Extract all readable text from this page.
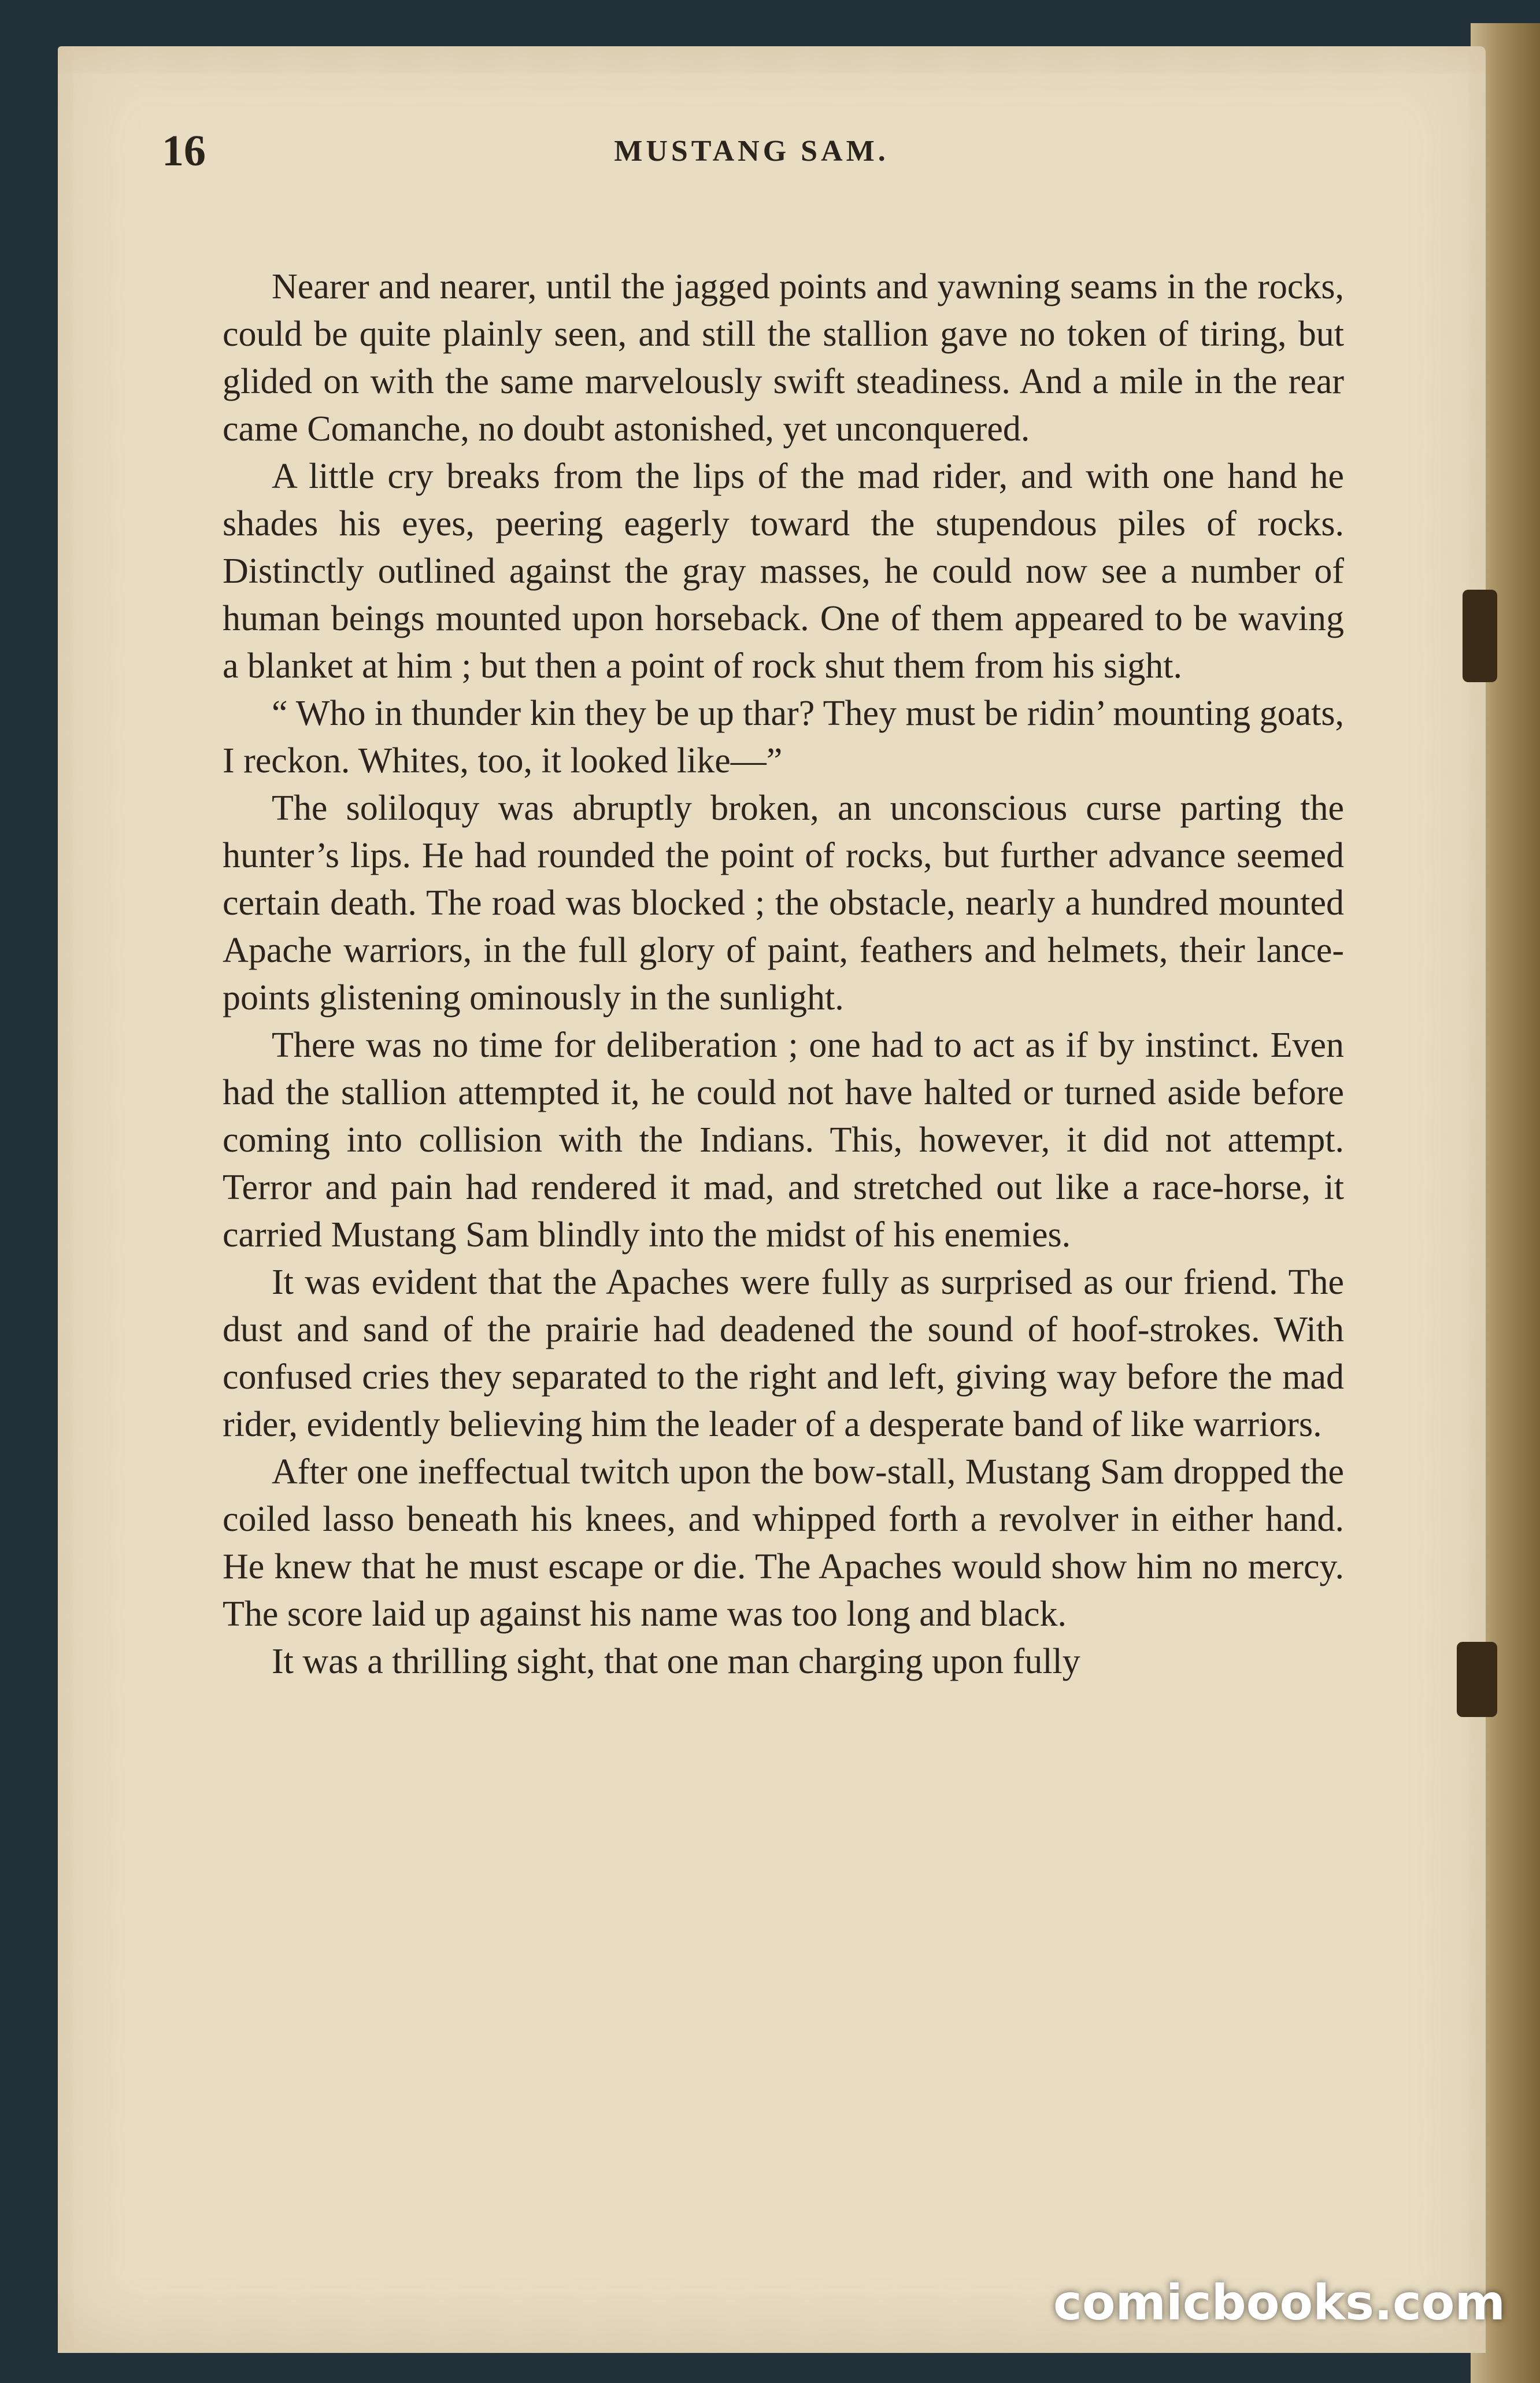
16	MUSTANG SAM.

Nearer and nearer, until the jagged points and yawning seams in the rocks, could be quite plainly seen, and still the stallion gave no token of tiring, but glided on with the same marvelously swift steadiness. And a mile in the rear came Comanche, no doubt astonished, yet unconquered.

A little cry breaks from the lips of the mad rider, and with one hand he shades his eyes, peering eagerly toward the stupendous piles of rocks. Distinctly outlined against the gray masses, he could now see a number of human beings mounted upon horseback. One of them appeared to be waving a blanket at him ; but then a point of rock shut them from his sight.

“ Who in thunder kin they be up thar? They must be ridin’ mounting goats, I reckon. Whites, too, it looked like—”

The soliloquy was abruptly broken, an unconscious curse parting the hunter’s lips. He had rounded the point of rocks, but further advance seemed certain death. The road was blocked ; the obstacle, nearly a hundred mounted Apache warriors, in the full glory of paint, feathers and helmets, their lance-points glistening ominously in the sunlight.

There was no time for deliberation ; one had to act as if by instinct. Even had the stallion attempted it, he could not have halted or turned aside before coming into collision with the Indians. This, however, it did not attempt. Terror and pain had rendered it mad, and stretched out like a race-horse, it carried Mustang Sam blindly into the midst of his enemies.

It was evident that the Apaches were fully as surprised as our friend. The dust and sand of the prairie had deadened the sound of hoof-strokes. With confused cries they separated to the right and left, giving way before the mad rider, evidently believing him the leader of a desperate band of like warriors.

After one ineffectual twitch upon the bow-stall, Mustang Sam dropped the coiled lasso beneath his knees, and whipped forth a revolver in either hand. He knew that he must escape or die. The Apaches would show him no mercy. The score laid up against his name was too long and black.

It was a thrilling sight, that one man charging upon fully

comicbooks.com
